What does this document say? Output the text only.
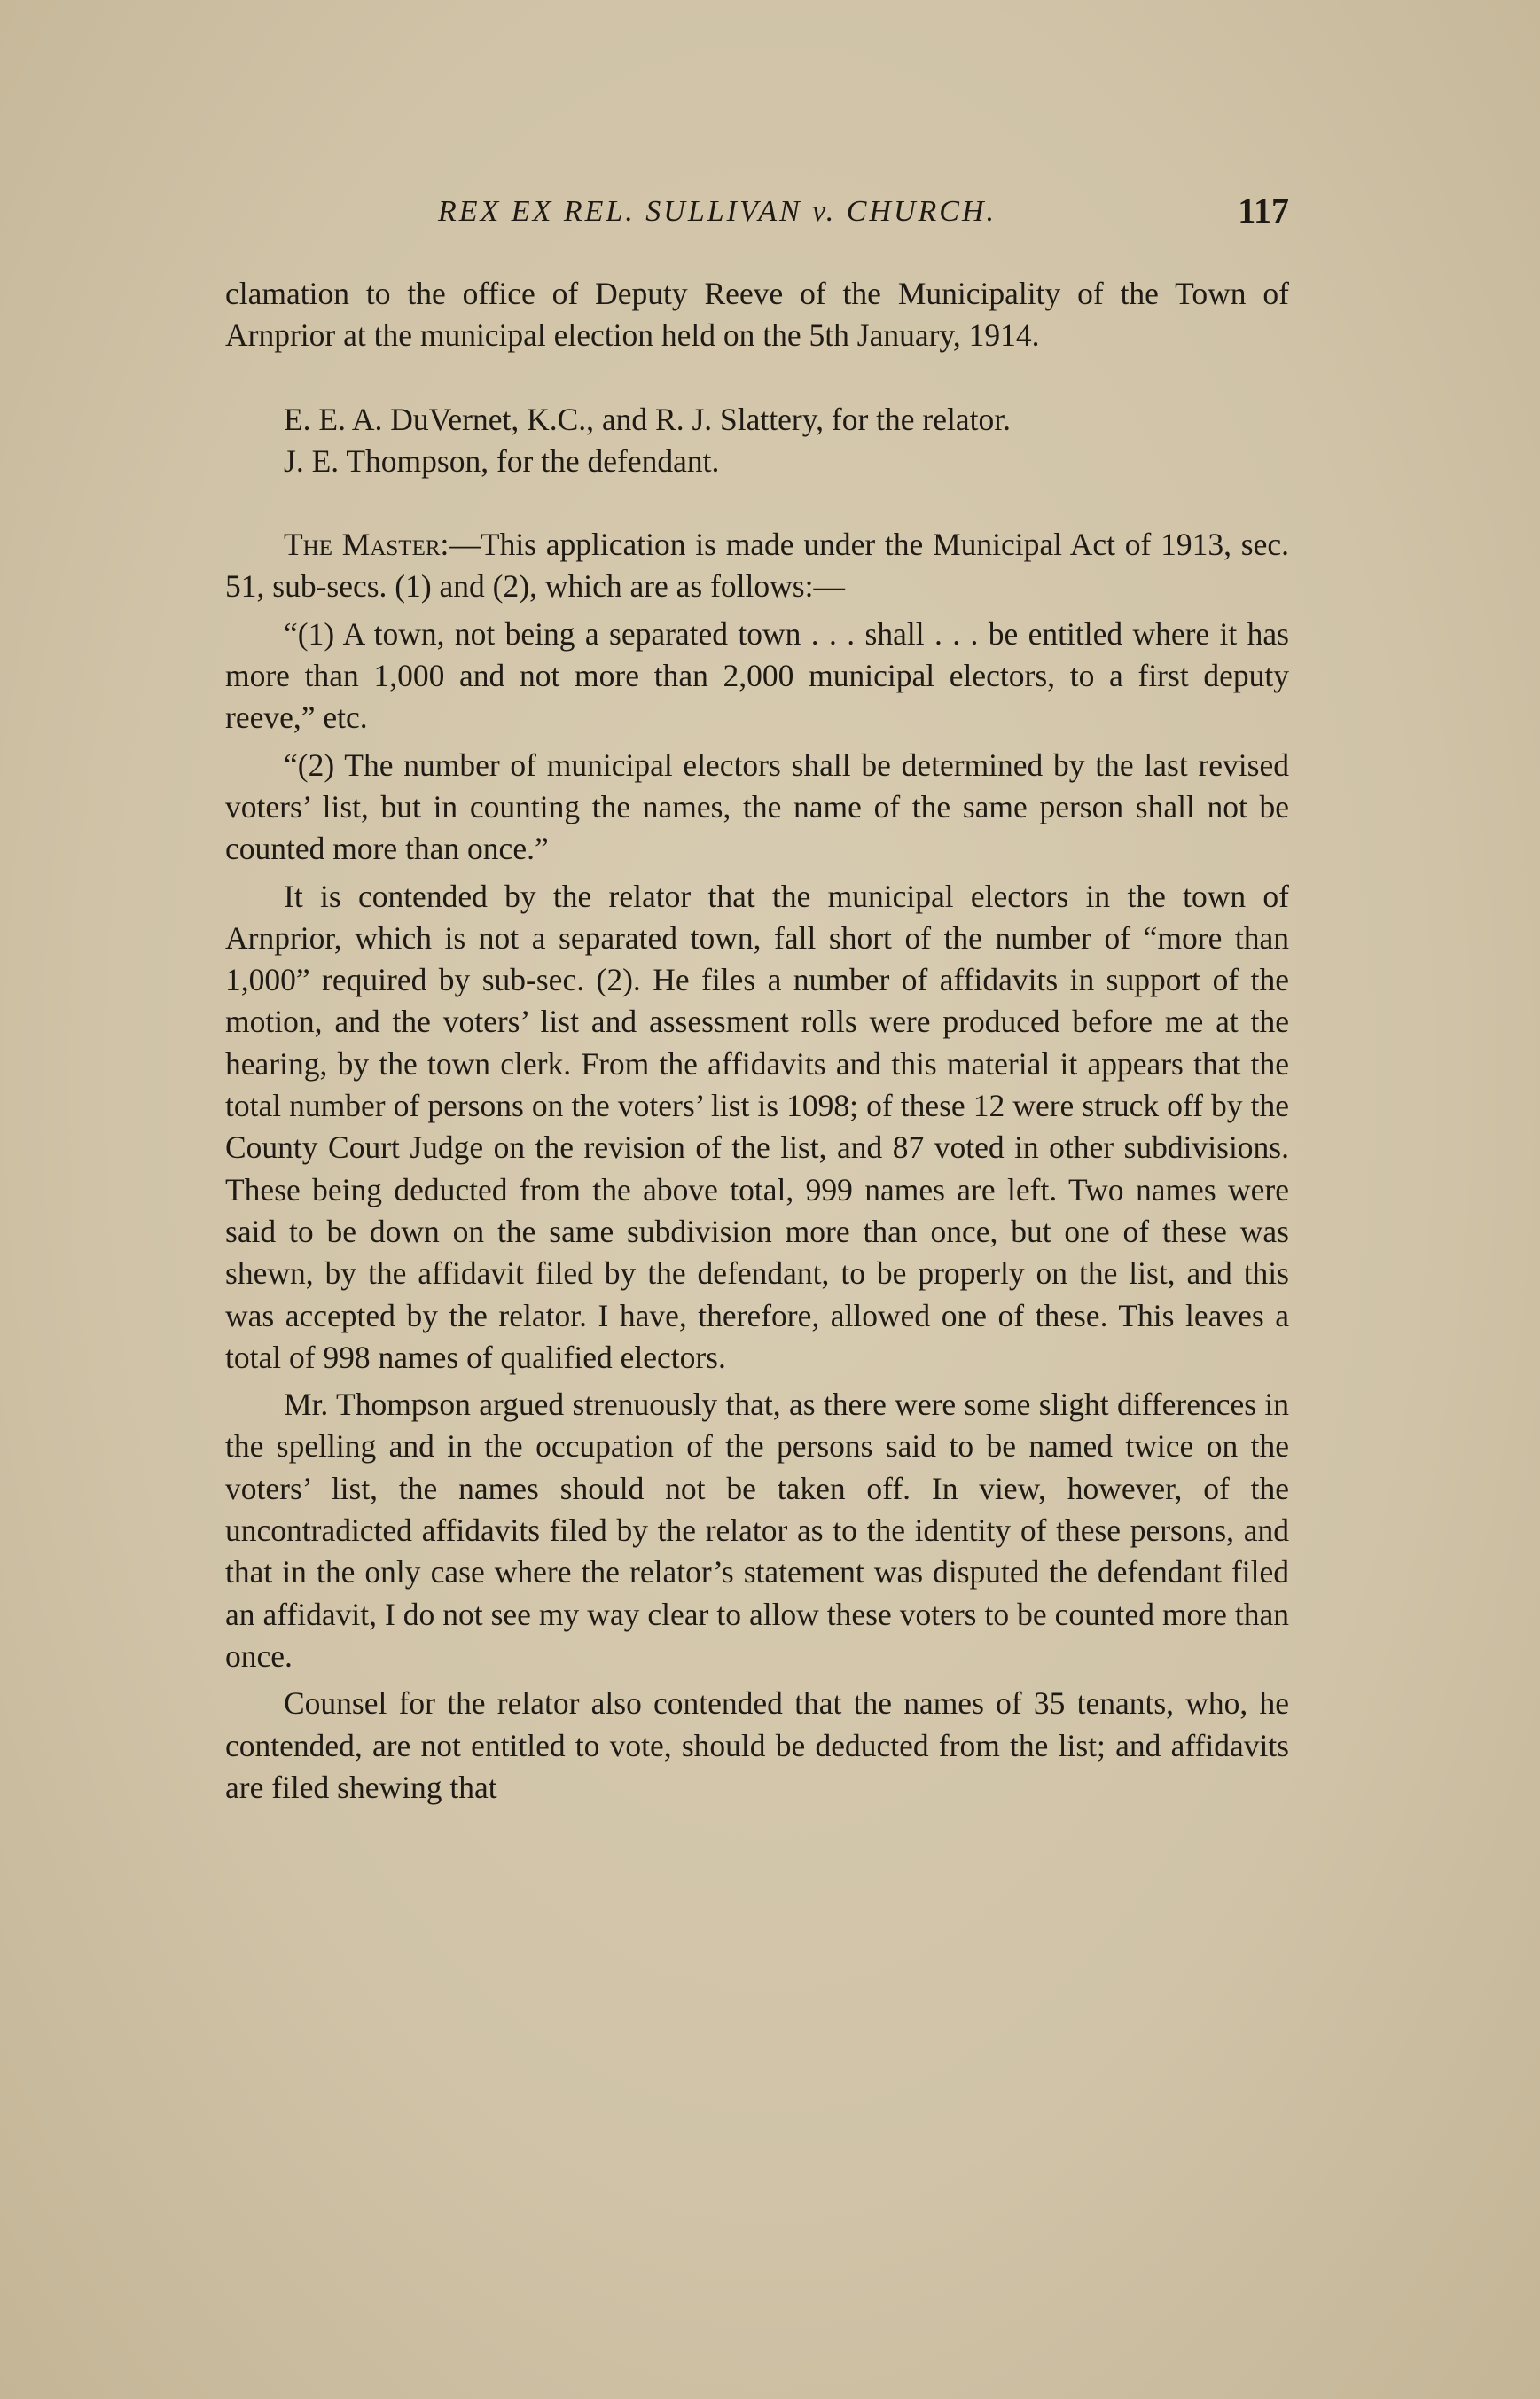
REX EX REL. SULLIVAN v. CHURCH.	117

clamation to the office of Deputy Reeve of the Municipality of the Town of Arnprior at the municipal election held on the 5th January, 1914.

E. E. A. DuVernet, K.C., and R. J. Slattery, for the relator.

J. E. Thompson, for the defendant.

The Master:—This application is made under the Municipal Act of 1913, sec. 51, sub-secs. (1) and (2), which are as follows:—

“(1) A town, not being a separated town . . . shall . . . be entitled where it has more than 1,000 and not more than 2,000 municipal electors, to a first deputy reeve,” etc.

“(2) The number of municipal electors shall be determined by the last revised voters’ list, but in counting the names, the name of the same person shall not be counted more than once.”

It is contended by the relator that the municipal electors in the town of Arnprior, which is not a separated town, fall short of the number of “more than 1,000” required by sub-sec. (2). He files a number of affidavits in support of the motion, and the voters’ list and assessment rolls were produced before me at the hearing, by the town clerk. From the affidavits and this material it appears that the total number of persons on the voters’ list is 1098; of these 12 were struck off by the County Court Judge on the revision of the list, and 87 voted in other subdivisions. These being deducted from the above total, 999 names are left. Two names were said to be down on the same subdivision more than once, but one of these was shewn, by the affidavit filed by the defendant, to be properly on the list, and this was accepted by the relator. I have, therefore, allowed one of these. This leaves a total of 998 names of qualified electors.

Mr. Thompson argued strenuously that, as there were some slight differences in the spelling and in the occupation of the persons said to be named twice on the voters’ list, the names should not be taken off. In view, however, of the uncontradicted affidavits filed by the relator as to the identity of these persons, and that in the only case where the relator’s statement was disputed the defendant filed an affidavit, I do not see my way clear to allow these voters to be counted more than once.

Counsel for the relator also contended that the names of 35 tenants, who, he contended, are not entitled to vote, should be deducted from the list; and affidavits are filed shewing that
